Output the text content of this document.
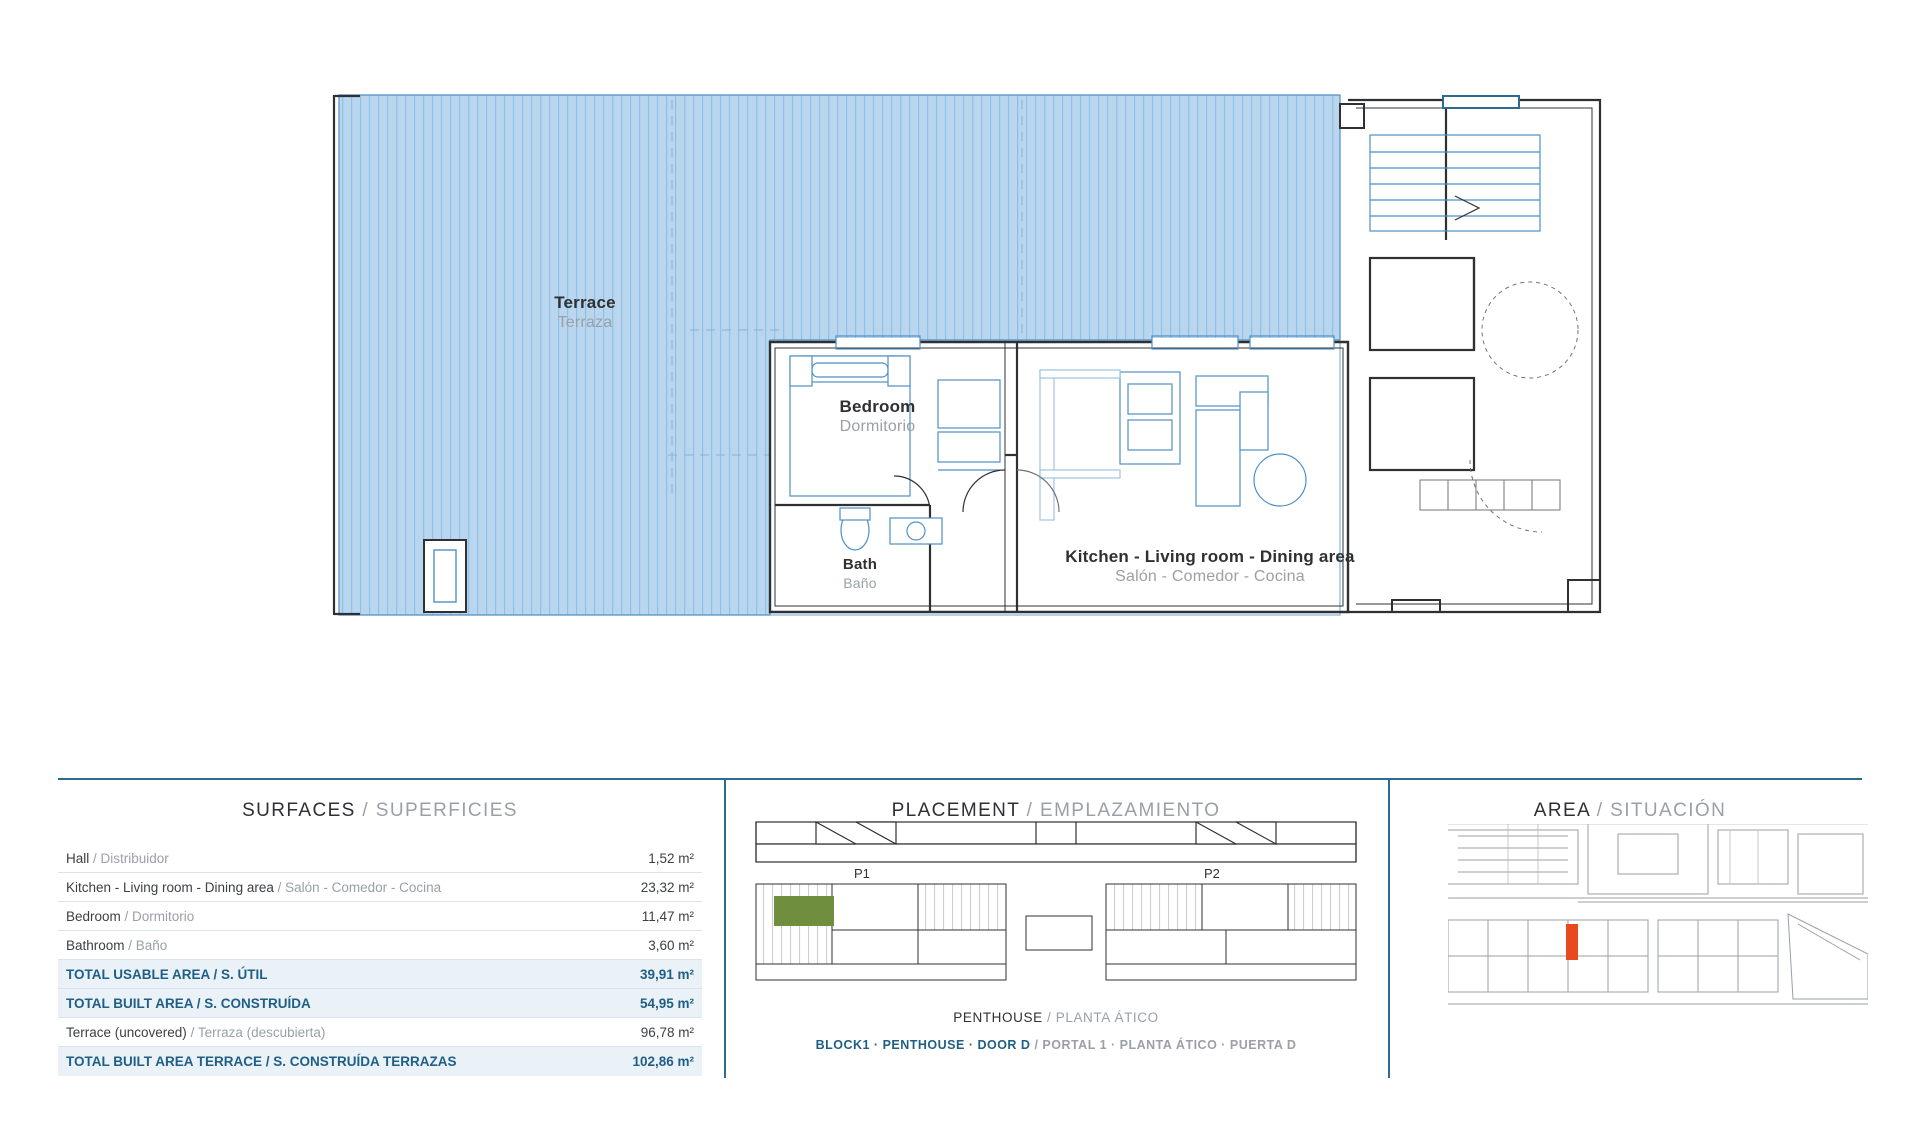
Terrace
Terraza
Bedroom
Dormitorio
Bath
Baño
Kitchen - Living room - Dining area
Salón - Comedor - Cocina
SURFACES / SUPERFICIES
Hall / Distribuidor	1,52 m²
Kitchen - Living room - Dining area / Salón - Comedor - Cocina	23,32 m²
Bedroom / Dormitorio	11,47 m²
Bathroom / Baño	3,60 m²
TOTAL USABLE AREA / S. ÚTIL	39,91 m²
TOTAL BUILT AREA / S. CONSTRUÍDA	54,95 m²
Terrace (uncovered) / Terraza (descubierta)	96,78 m²
TOTAL BUILT AREA TERRACE / S. CONSTRUÍDA TERRAZAS	102,86 m²
PLACEMENT / EMPLAZAMIENTO
P1	P2
PENTHOUSE / PLANTA ÁTICO
BLOCK1 · PENTHOUSE · DOOR D / PORTAL 1 · PLANTA ÁTICO · PUERTA D
AREA / SITUACIÓN
